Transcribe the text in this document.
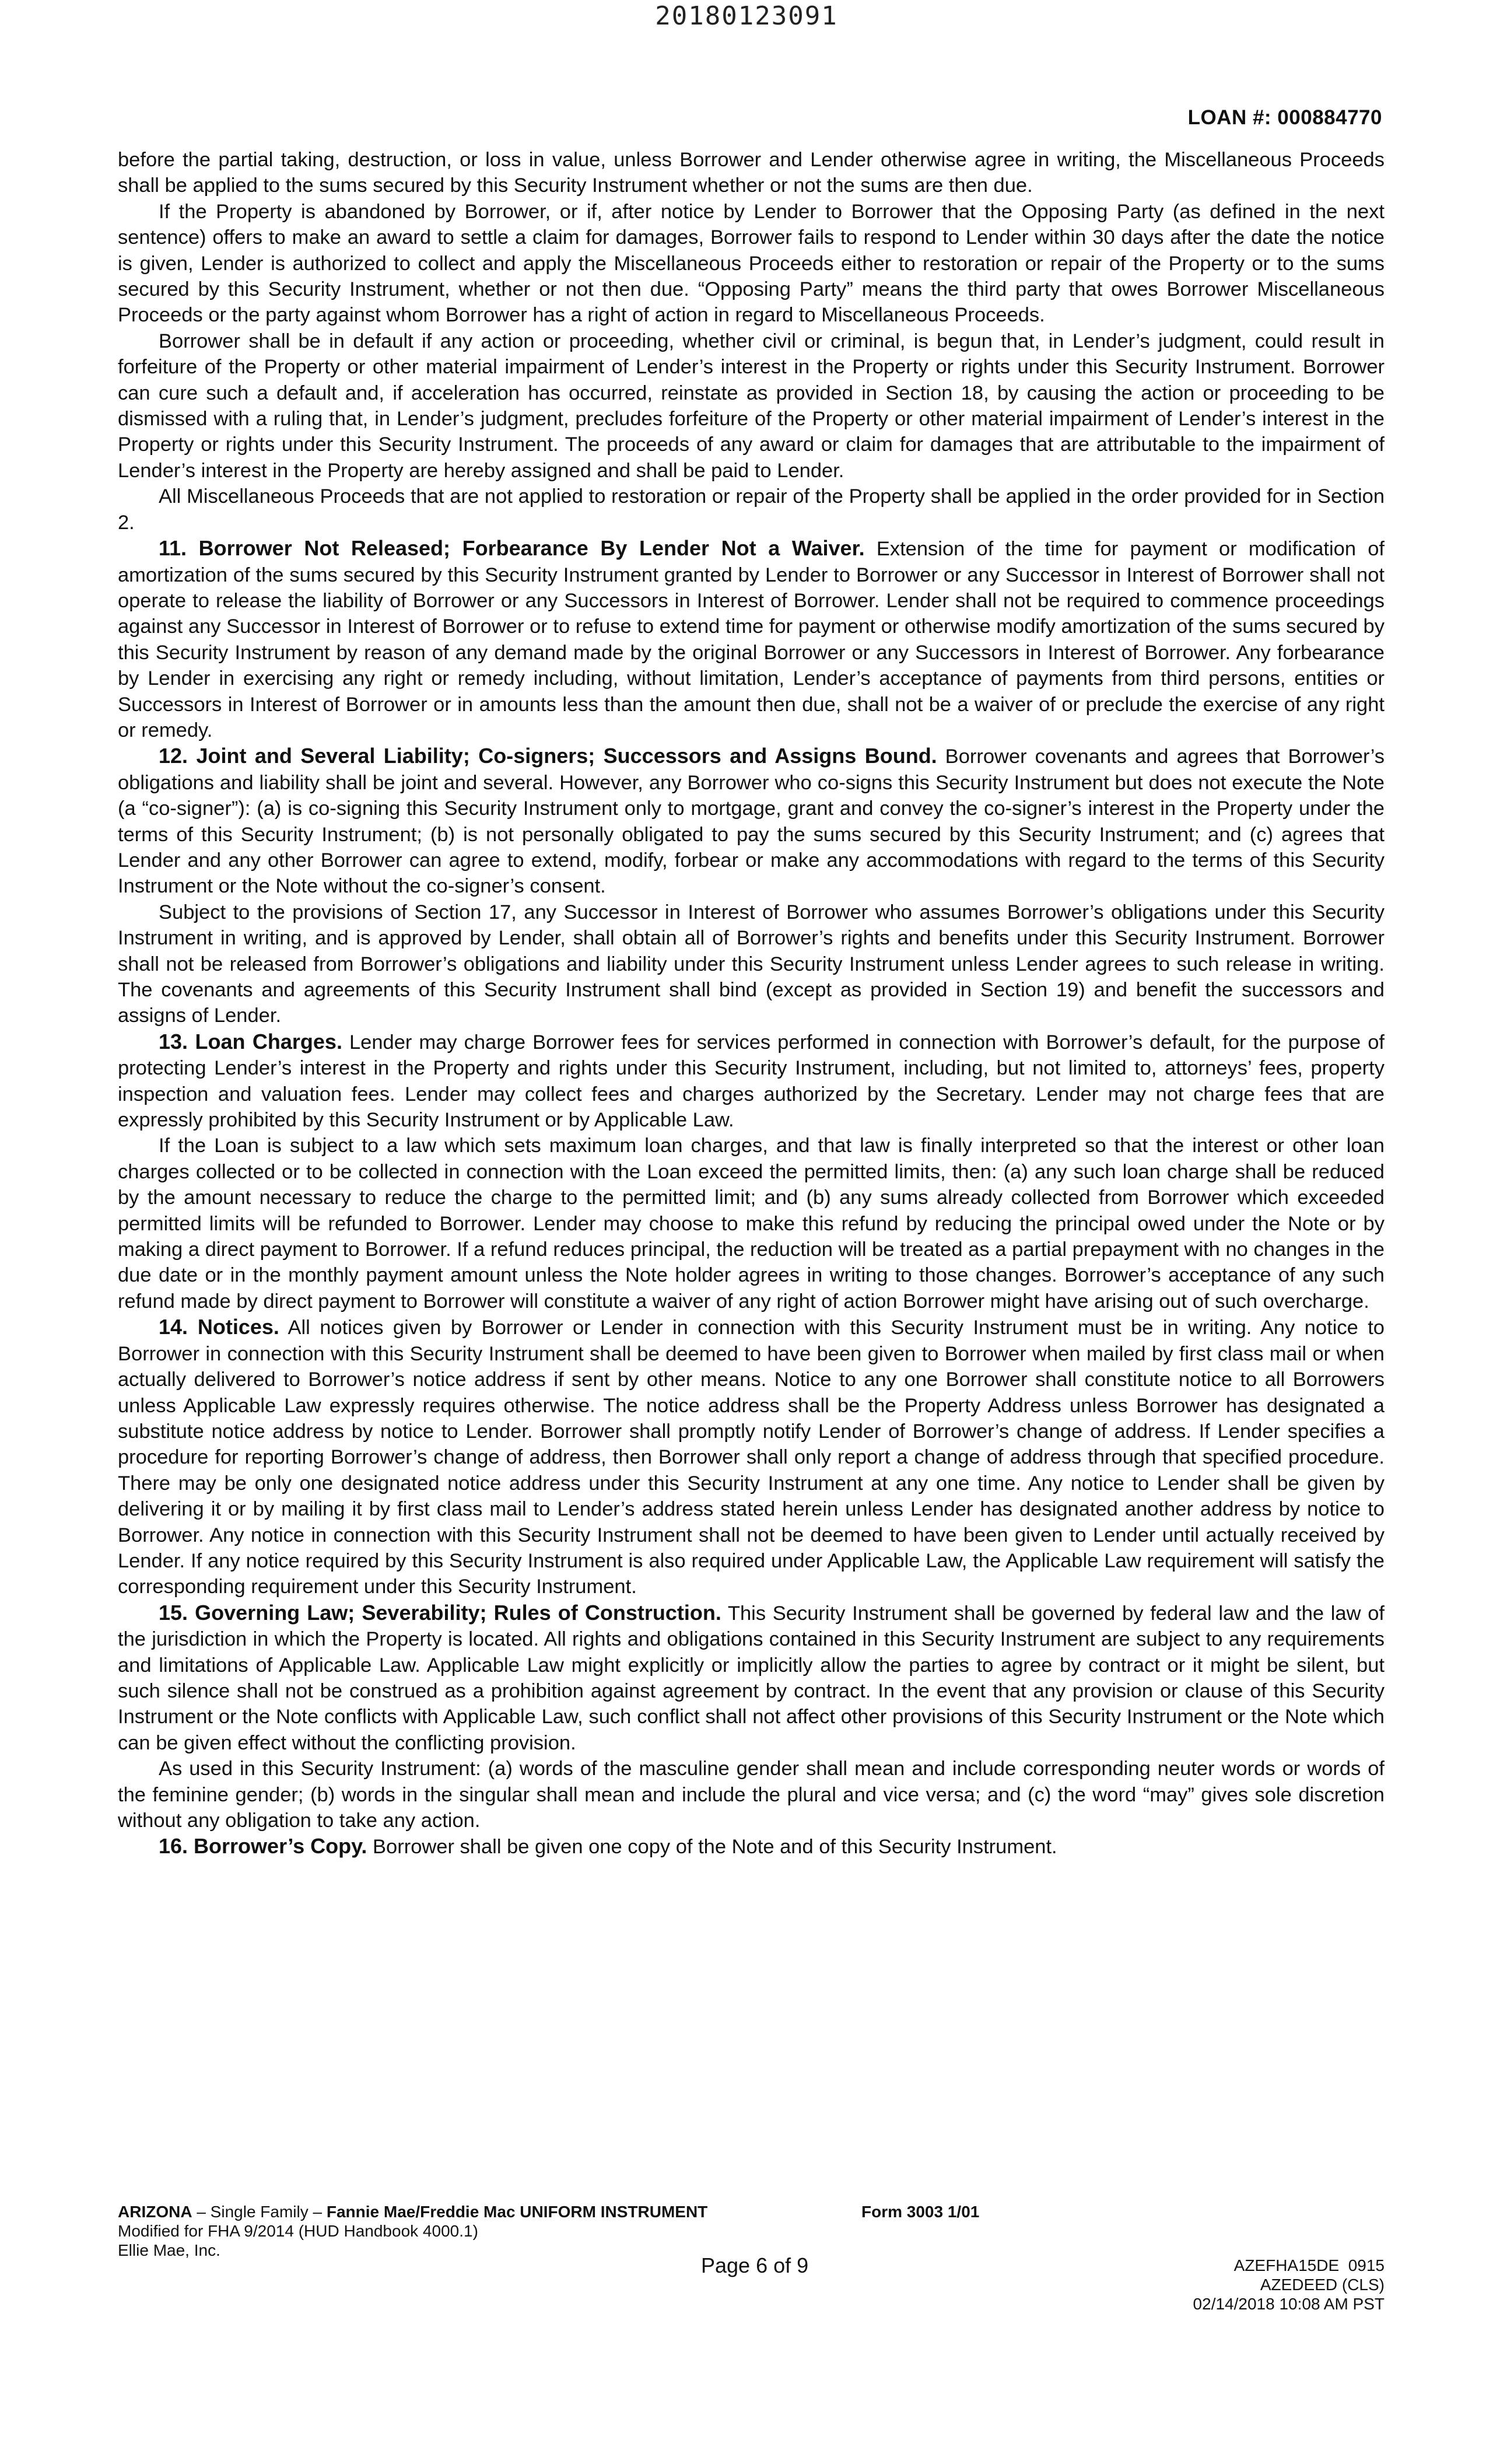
20180123091
LOAN #: 000884770

before the partial taking, destruction, or loss in value, unless Borrower and Lender otherwise agree in writing, the Miscellaneous Proceeds shall be applied to the sums secured by this Security Instrument whether or not the sums are then due.

If the Property is abandoned by Borrower, or if, after notice by Lender to Borrower that the Opposing Party (as defined in the next sentence) offers to make an award to settle a claim for damages, Borrower fails to respond to Lender within 30 days after the date the notice is given, Lender is authorized to collect and apply the Miscellaneous Proceeds either to restoration or repair of the Property or to the sums secured by this Security Instrument, whether or not then due. “Opposing Party” means the third party that owes Borrower Miscellaneous Proceeds or the party against whom Borrower has a right of action in regard to Miscellaneous Proceeds.

Borrower shall be in default if any action or proceeding, whether civil or criminal, is begun that, in Lender’s judgment, could result in forfeiture of the Property or other material impairment of Lender’s interest in the Property or rights under this Security Instrument. Borrower can cure such a default and, if acceleration has occurred, reinstate as provided in Section 18, by causing the action or proceeding to be dismissed with a ruling that, in Lender’s judgment, precludes forfeiture of the Property or other material impairment of Lender’s interest in the Property or rights under this Security Instrument. The proceeds of any award or claim for damages that are attributable to the impairment of Lender’s interest in the Property are hereby assigned and shall be paid to Lender.

All Miscellaneous Proceeds that are not applied to restoration or repair of the Property shall be applied in the order provided for in Section 2.

11. Borrower Not Released; Forbearance By Lender Not a Waiver. Extension of the time for payment or modification of amortization of the sums secured by this Security Instrument granted by Lender to Borrower or any Successor in Interest of Borrower shall not operate to release the liability of Borrower or any Successors in Interest of Borrower. Lender shall not be required to commence proceedings against any Successor in Interest of Borrower or to refuse to extend time for payment or otherwise modify amortization of the sums secured by this Security Instrument by reason of any demand made by the original Borrower or any Successors in Interest of Borrower. Any forbearance by Lender in exercising any right or remedy including, without limitation, Lender’s acceptance of payments from third persons, entities or Successors in Interest of Borrower or in amounts less than the amount then due, shall not be a waiver of or preclude the exercise of any right or remedy.

12. Joint and Several Liability; Co-signers; Successors and Assigns Bound. Borrower covenants and agrees that Borrower’s obligations and liability shall be joint and several. However, any Borrower who co-signs this Security Instrument but does not execute the Note (a “co-signer”): (a) is co-signing this Security Instrument only to mortgage, grant and convey the co-signer’s interest in the Property under the terms of this Security Instrument; (b) is not personally obligated to pay the sums secured by this Security Instrument; and (c) agrees that Lender and any other Borrower can agree to extend, modify, forbear or make any accommodations with regard to the terms of this Security Instrument or the Note without the co-signer’s consent.

Subject to the provisions of Section 17, any Successor in Interest of Borrower who assumes Borrower’s obligations under this Security Instrument in writing, and is approved by Lender, shall obtain all of Borrower’s rights and benefits under this Security Instrument. Borrower shall not be released from Borrower’s obligations and liability under this Security Instrument unless Lender agrees to such release in writing. The covenants and agreements of this Security Instrument shall bind (except as provided in Section 19) and benefit the successors and assigns of Lender.

13. Loan Charges. Lender may charge Borrower fees for services performed in connection with Borrower’s default, for the purpose of protecting Lender’s interest in the Property and rights under this Security Instrument, including, but not limited to, attorneys’ fees, property inspection and valuation fees. Lender may collect fees and charges authorized by the Secretary. Lender may not charge fees that are expressly prohibited by this Security Instrument or by Applicable Law.

If the Loan is subject to a law which sets maximum loan charges, and that law is finally interpreted so that the interest or other loan charges collected or to be collected in connection with the Loan exceed the permitted limits, then: (a) any such loan charge shall be reduced by the amount necessary to reduce the charge to the permitted limit; and (b) any sums already collected from Borrower which exceeded permitted limits will be refunded to Borrower. Lender may choose to make this refund by reducing the principal owed under the Note or by making a direct payment to Borrower. If a refund reduces principal, the reduction will be treated as a partial prepayment with no changes in the due date or in the monthly payment amount unless the Note holder agrees in writing to those changes. Borrower’s acceptance of any such refund made by direct payment to Borrower will constitute a waiver of any right of action Borrower might have arising out of such overcharge.

14. Notices. All notices given by Borrower or Lender in connection with this Security Instrument must be in writing. Any notice to Borrower in connection with this Security Instrument shall be deemed to have been given to Borrower when mailed by first class mail or when actually delivered to Borrower’s notice address if sent by other means. Notice to any one Borrower shall constitute notice to all Borrowers unless Applicable Law expressly requires otherwise. The notice address shall be the Property Address unless Borrower has designated a substitute notice address by notice to Lender. Borrower shall promptly notify Lender of Borrower’s change of address. If Lender specifies a procedure for reporting Borrower’s change of address, then Borrower shall only report a change of address through that specified procedure. There may be only one designated notice address under this Security Instrument at any one time. Any notice to Lender shall be given by delivering it or by mailing it by first class mail to Lender’s address stated herein unless Lender has designated another address by notice to Borrower. Any notice in connection with this Security Instrument shall not be deemed to have been given to Lender until actually received by Lender. If any notice required by this Security Instrument is also required under Applicable Law, the Applicable Law requirement will satisfy the corresponding requirement under this Security Instrument.

15. Governing Law; Severability; Rules of Construction. This Security Instrument shall be governed by federal law and the law of the jurisdiction in which the Property is located. All rights and obligations contained in this Security Instrument are subject to any requirements and limitations of Applicable Law. Applicable Law might explicitly or implicitly allow the parties to agree by contract or it might be silent, but such silence shall not be construed as a prohibition against agreement by contract. In the event that any provision or clause of this Security Instrument or the Note conflicts with Applicable Law, such conflict shall not affect other provisions of this Security Instrument or the Note which can be given effect without the conflicting provision.

As used in this Security Instrument: (a) words of the masculine gender shall mean and include corresponding neuter words or words of the feminine gender; (b) words in the singular shall mean and include the plural and vice versa; and (c) the word “may” gives sole discretion without any obligation to take any action.

16. Borrower’s Copy. Borrower shall be given one copy of the Note and of this Security Instrument.

ARIZONA – Single Family – Fannie Mae/Freddie Mac UNIFORM INSTRUMENT
Modified for FHA 9/2014 (HUD Handbook 4000.1)
Ellie Mae, Inc.
Form 3003 1/01
Page 6 of 9	AZEFHA15DE  0915
AZEDEED (CLS)
02/14/2018 10:08 AM PST
